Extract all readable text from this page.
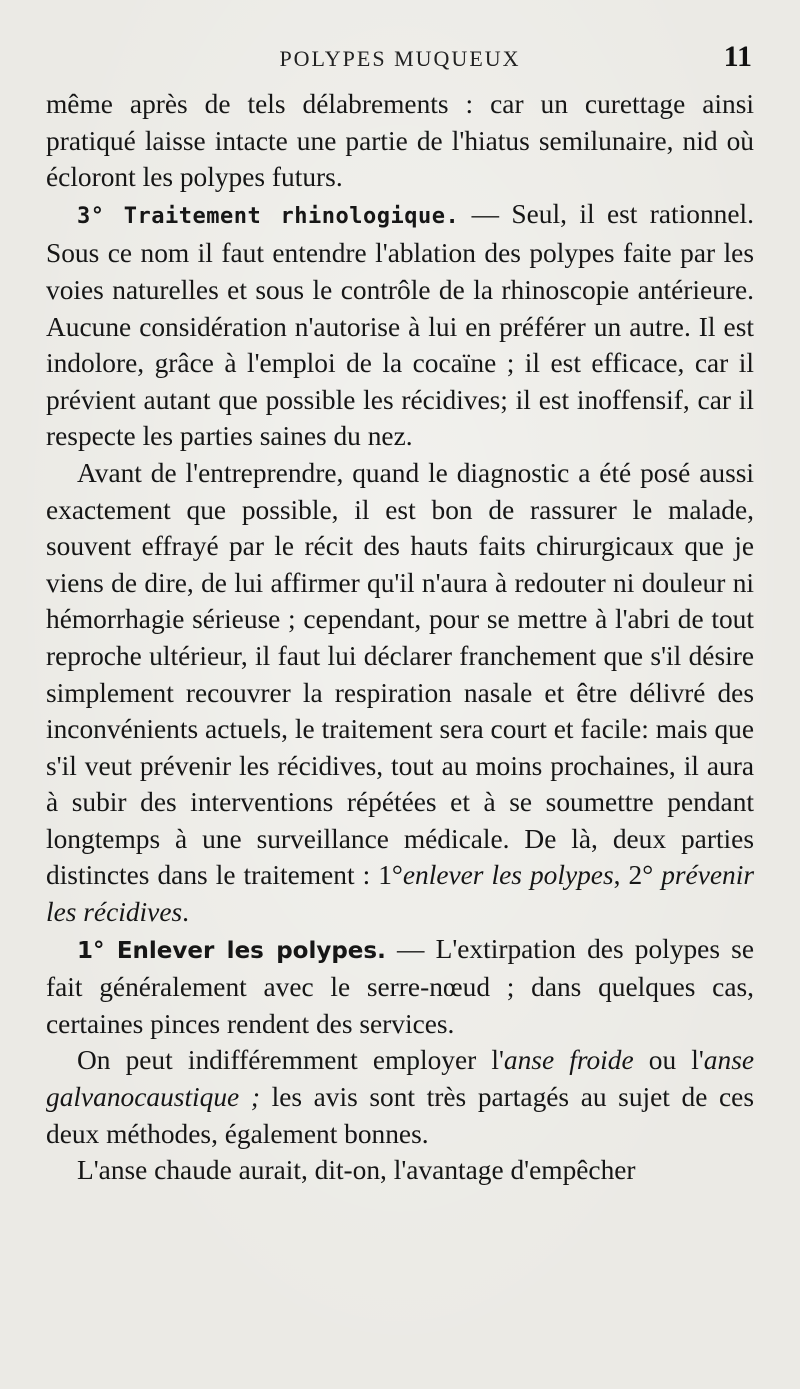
POLYPES MUQUEUX	11

même après de tels délabrements : car un curettage ainsi pratiqué laisse intacte une partie de l'hiatus semilunaire, nid où écloront les polypes futurs.

3° Traitement rhinologique. — Seul, il est rationnel. Sous ce nom il faut entendre l'ablation des polypes faite par les voies naturelles et sous le contrôle de la rhinoscopie antérieure. Aucune considération n'autorise à lui en préférer un autre. Il est indolore, grâce à l'emploi de la cocaïne ; il est efficace, car il prévient autant que possible les récidives; il est inoffensif, car il respecte les parties saines du nez.

Avant de l'entreprendre, quand le diagnostic a été posé aussi exactement que possible, il est bon de rassurer le malade, souvent effrayé par le récit des hauts faits chirurgicaux que je viens de dire, de lui affirmer qu'il n'aura à redouter ni douleur ni hémorrhagie sérieuse ; cependant, pour se mettre à l'abri de tout reproche ultérieur, il faut lui déclarer franchement que s'il désire simplement recouvrer la respiration nasale et être délivré des inconvénients actuels, le traitement sera court et facile: mais que s'il veut prévenir les récidives, tout au moins prochaines, il aura à subir des interventions répétées et à se soumettre pendant longtemps à une surveillance médicale. De là, deux parties distinctes dans le traitement : 1°enlever les polypes, 2° prévenir les récidives.

1° Enlever les polypes. — L'extirpation des polypes se fait généralement avec le serre-nœud ; dans quelques cas, certaines pinces rendent des services.

On peut indifféremment employer l'anse froide ou l'anse galvanocaustique ; les avis sont très partagés au sujet de ces deux méthodes, également bonnes.

L'anse chaude aurait, dit-on, l'avantage d'empêcher
